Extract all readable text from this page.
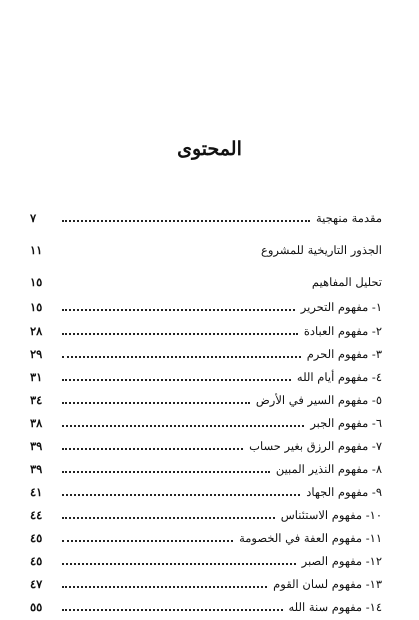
المحتوى
مقدمة منهجية
٧
الجذور التاريخية للمشروع
١١
تحليل المفاهيم
١٥
١- مفهوم التحرير
١٥
٢- مفهوم العبادة
٢٨
٣- مفهوم الحرم
٢٩
٤- مفهوم أيام الله
٣١
٥- مفهوم السير في الأرض
٣٤
٦- مفهوم الجبر
٣٨
٧- مفهوم الرزق بغير حساب
٣٩
٨- مفهوم النذير المبين
٣٩
٩- مفهوم الجهاد
٤١
١٠- مفهوم الاستئناس
٤٤
١١- مفهوم العفة في الخصومة
٤٥
١٢- مفهوم الصبر
٤٥
١٣- مفهوم لسان القوم
٤٧
١٤- مفهوم سنة الله
٥٥
